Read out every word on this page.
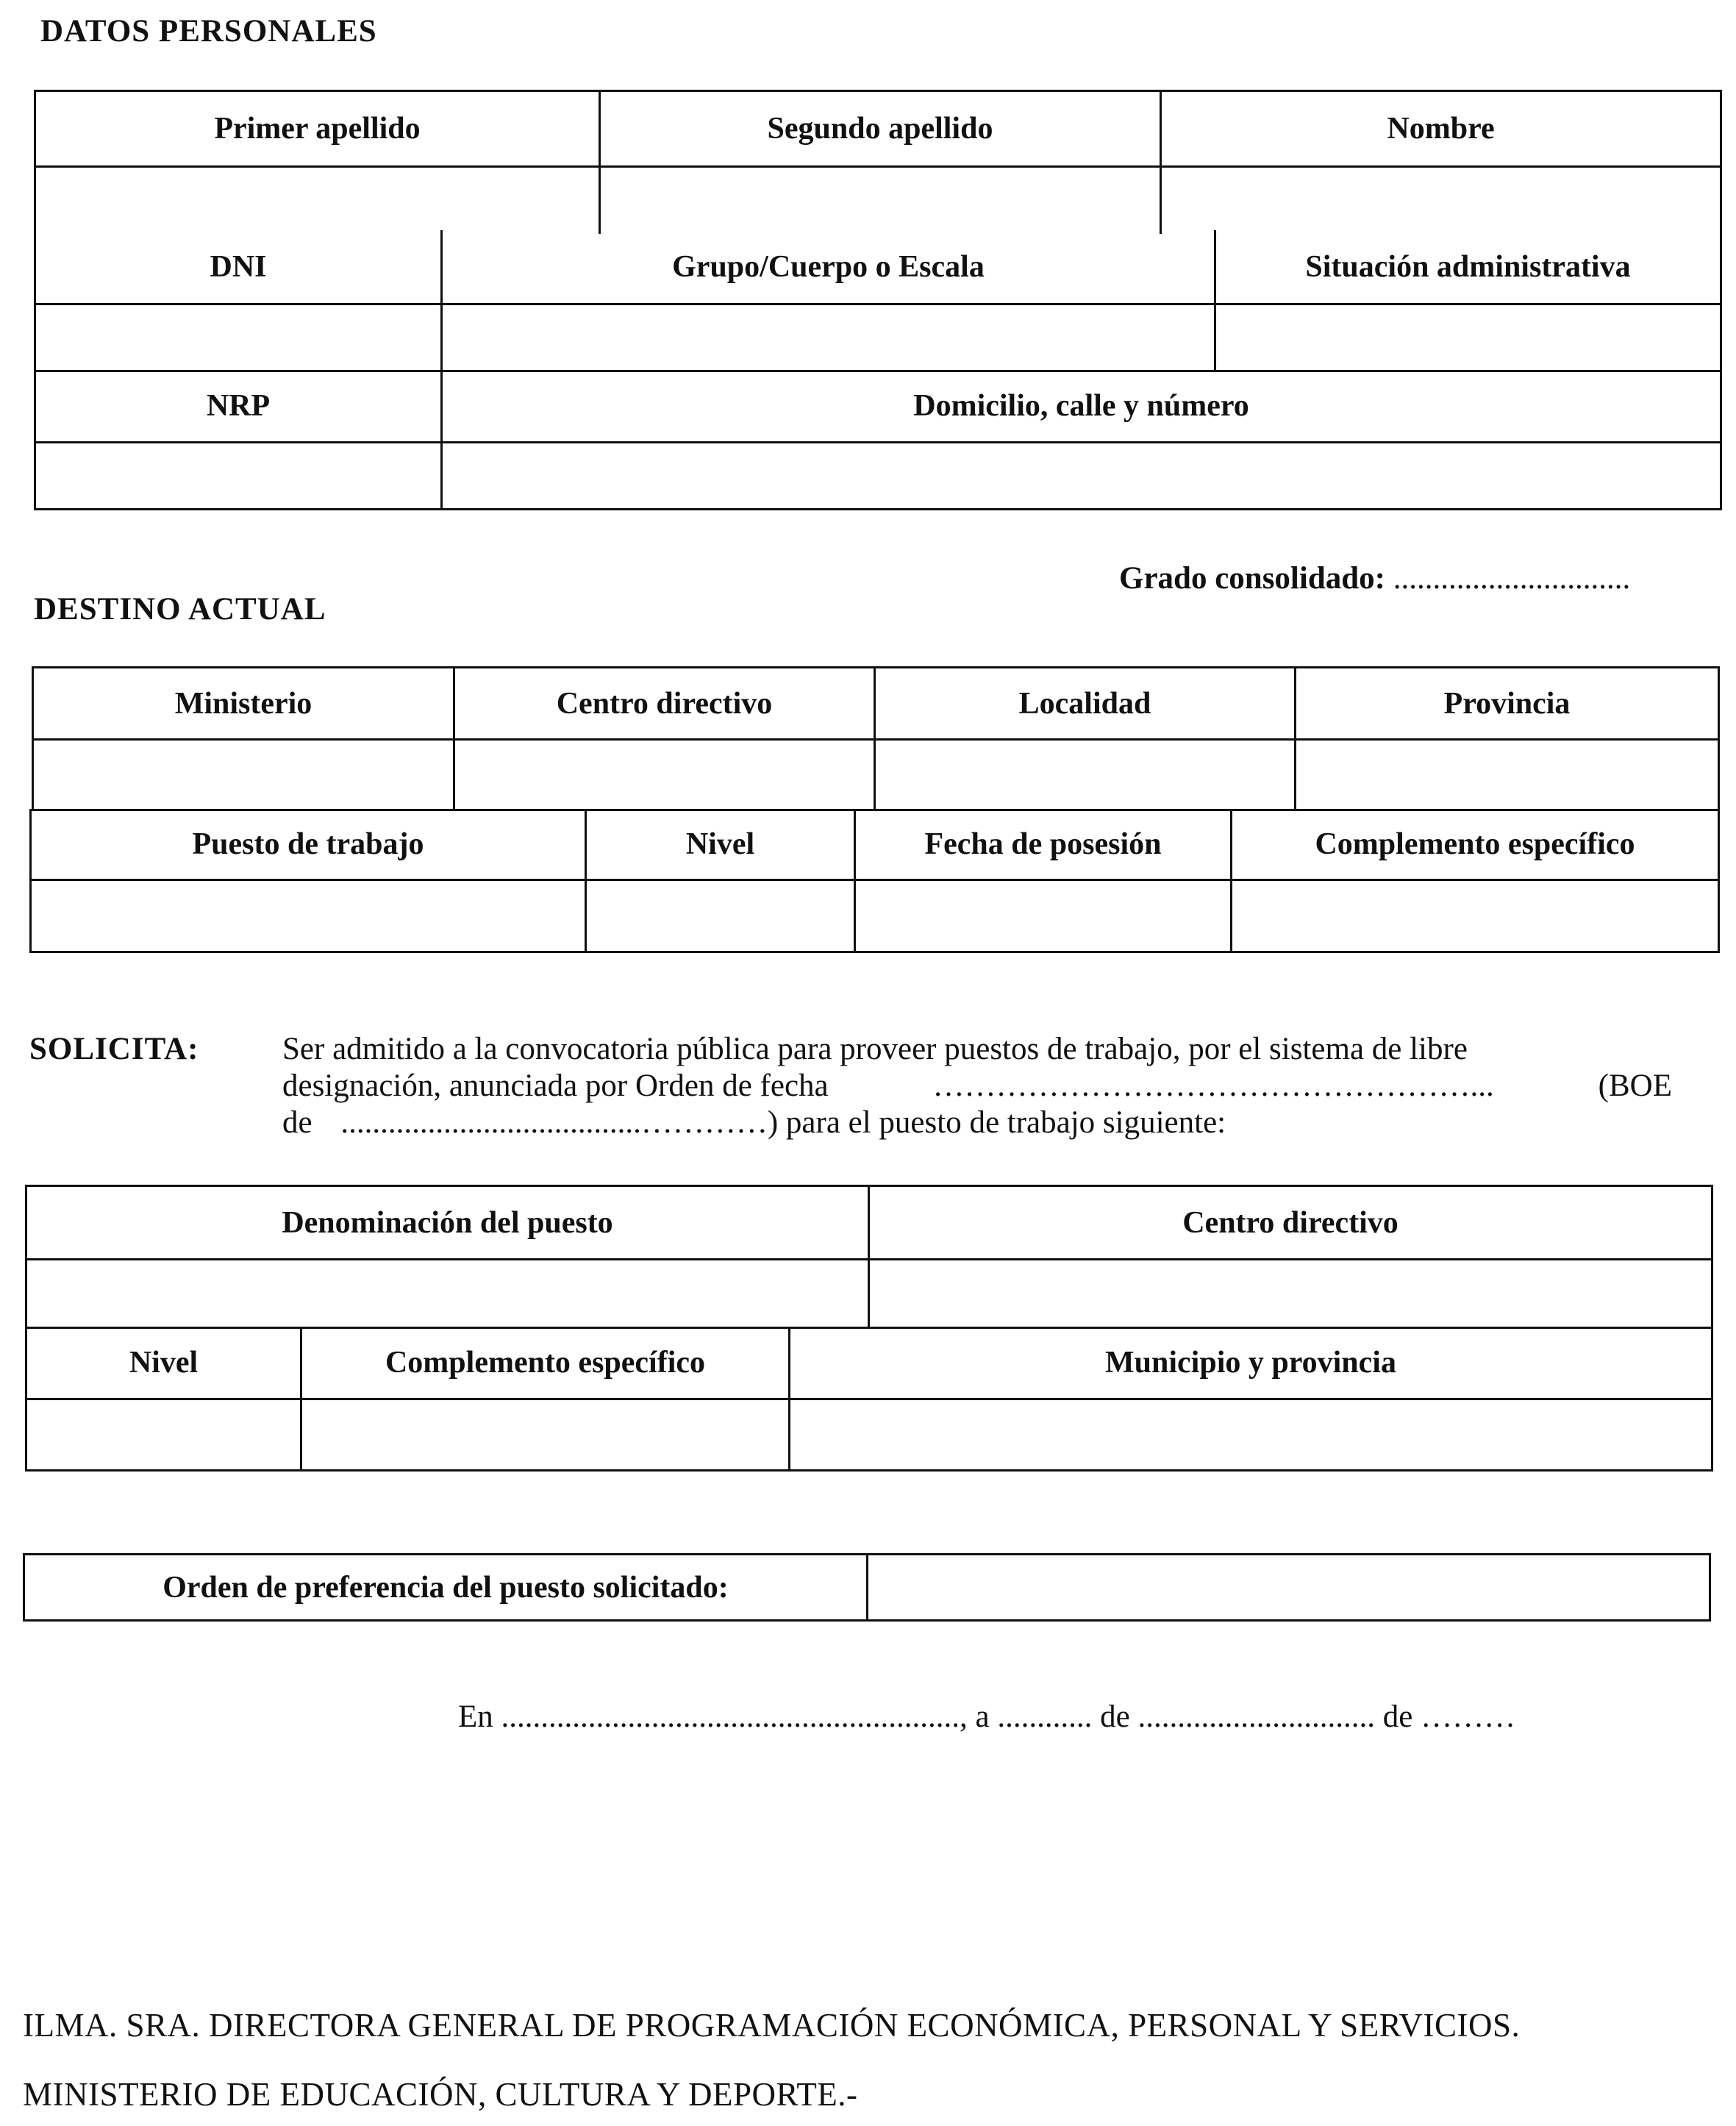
DATOS PERSONALES
Primer apellido	Segundo apellido	Nombre
DNI	Grupo/Cuerpo o Escala	Situación administrativa
NRP	Domicilio, calle y número
Grado consolidado: ..............................
DESTINO ACTUAL
Ministerio	Centro directivo	Localidad	Provincia
Puesto de trabajo	Nivel	Fecha de posesión	Complemento específico
SOLICITA:	Ser admitido a la convocatoria pública para proveer puestos de trabajo, por el sistema de libre
designación, anunciada por Orden de fecha	……………………………………………...	(BOE
de ......................................…………) para el puesto de trabajo siguiente:
Denominación del puesto	Centro directivo
Nivel	Complemento específico	Municipio y provincia
Orden de preferencia del puesto solicitado:
En .........................................................., a ............ de .............................. de ………
ILMA. SRA. DIRECTORA GENERAL DE PROGRAMACIÓN ECONÓMICA, PERSONAL Y SERVICIOS.
MINISTERIO DE EDUCACIÓN, CULTURA Y DEPORTE.-
